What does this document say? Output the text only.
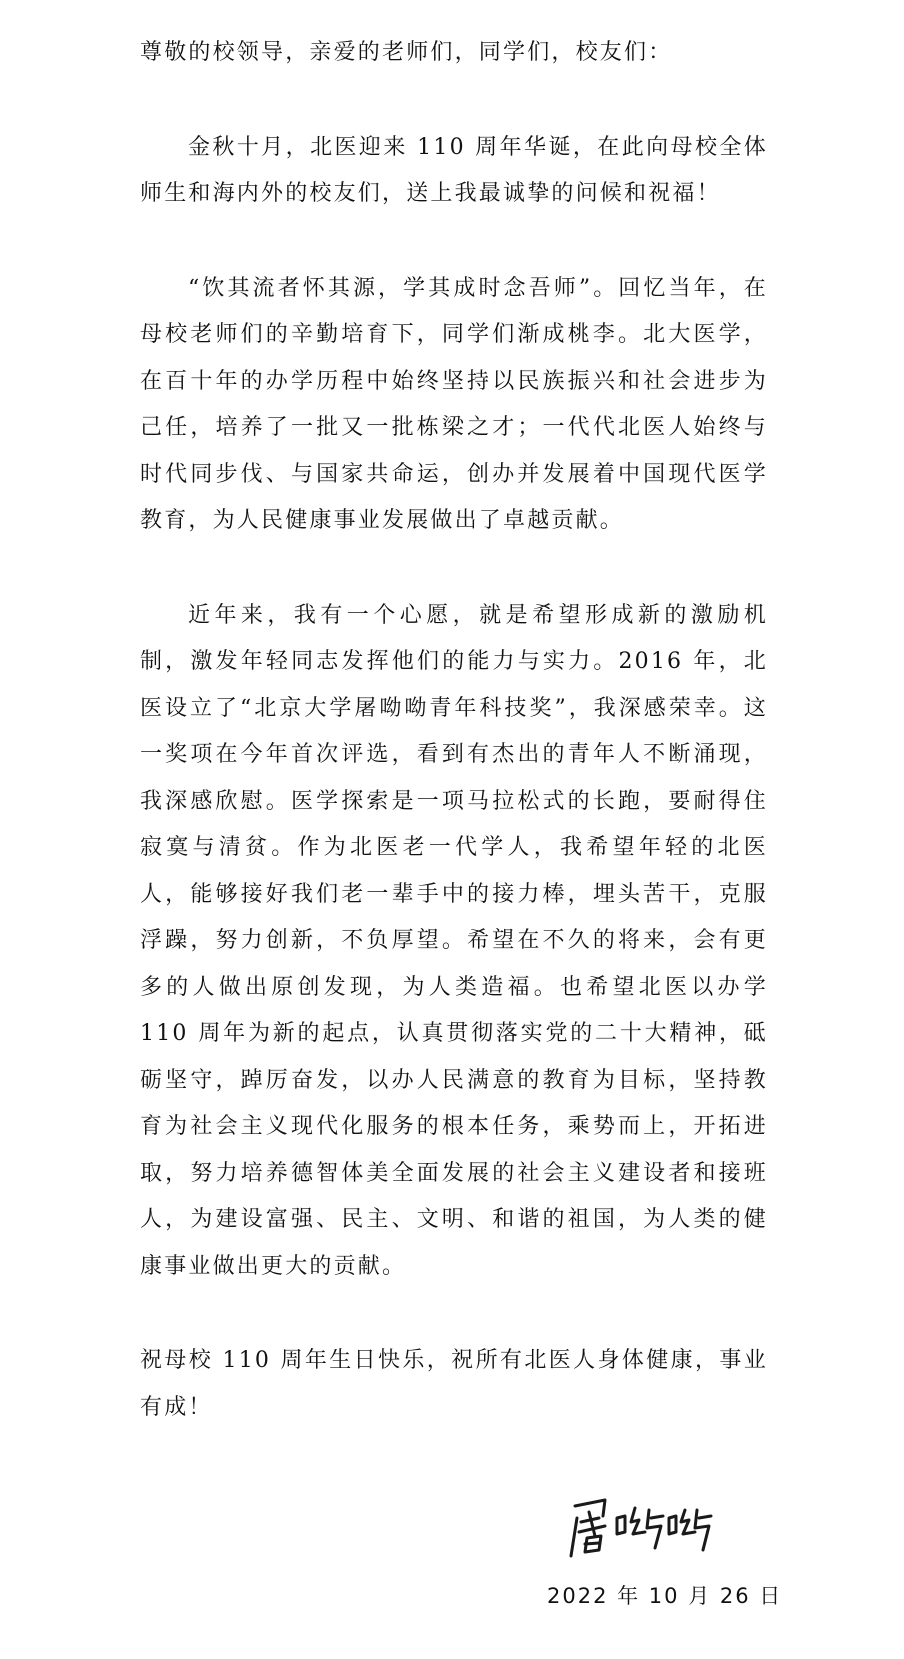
尊敬的校领导，亲爱的老师们，同学们，校友们：

金秋十月，北医迎来 110 周年华诞，在此向母校全体师生和海内外的校友们，送上我最诚挚的问候和祝福！

“饮其流者怀其源，学其成时念吾师”。回忆当年，在母校老师们的辛勤培育下，同学们渐成桃李。北大医学，在百十年的办学历程中始终坚持以民族振兴和社会进步为己任，培养了一批又一批栋梁之才；一代代北医人始终与时代同步伐、与国家共命运，创办并发展着中国现代医学教育，为人民健康事业发展做出了卓越贡献。

近年来，我有一个心愿，就是希望形成新的激励机制，激发年轻同志发挥他们的能力与实力。2016 年，北医设立了“北京大学屠呦呦青年科技奖”，我深感荣幸。这一奖项在今年首次评选，看到有杰出的青年人不断涌现，我深感欣慰。医学探索是一项马拉松式的长跑，要耐得住寂寞与清贫。作为北医老一代学人，我希望年轻的北医人，能够接好我们老一辈手中的接力棒，埋头苦干，克服浮躁，努力创新，不负厚望。希望在不久的将来，会有更多的人做出原创发现，为人类造福。也希望北医以办学 110 周年为新的起点，认真贯彻落实党的二十大精神，砥砺坚守，踔厉奋发，以办人民满意的教育为目标，坚持教育为社会主义现代化服务的根本任务，乘势而上，开拓进取，努力培养德智体美全面发展的社会主义建设者和接班人，为建设富强、民主、文明、和谐的祖国，为人类的健康事业做出更大的贡献。

祝母校 110 周年生日快乐，祝所有北医人身体健康，事业有成！

2022 年 10 月 26 日
